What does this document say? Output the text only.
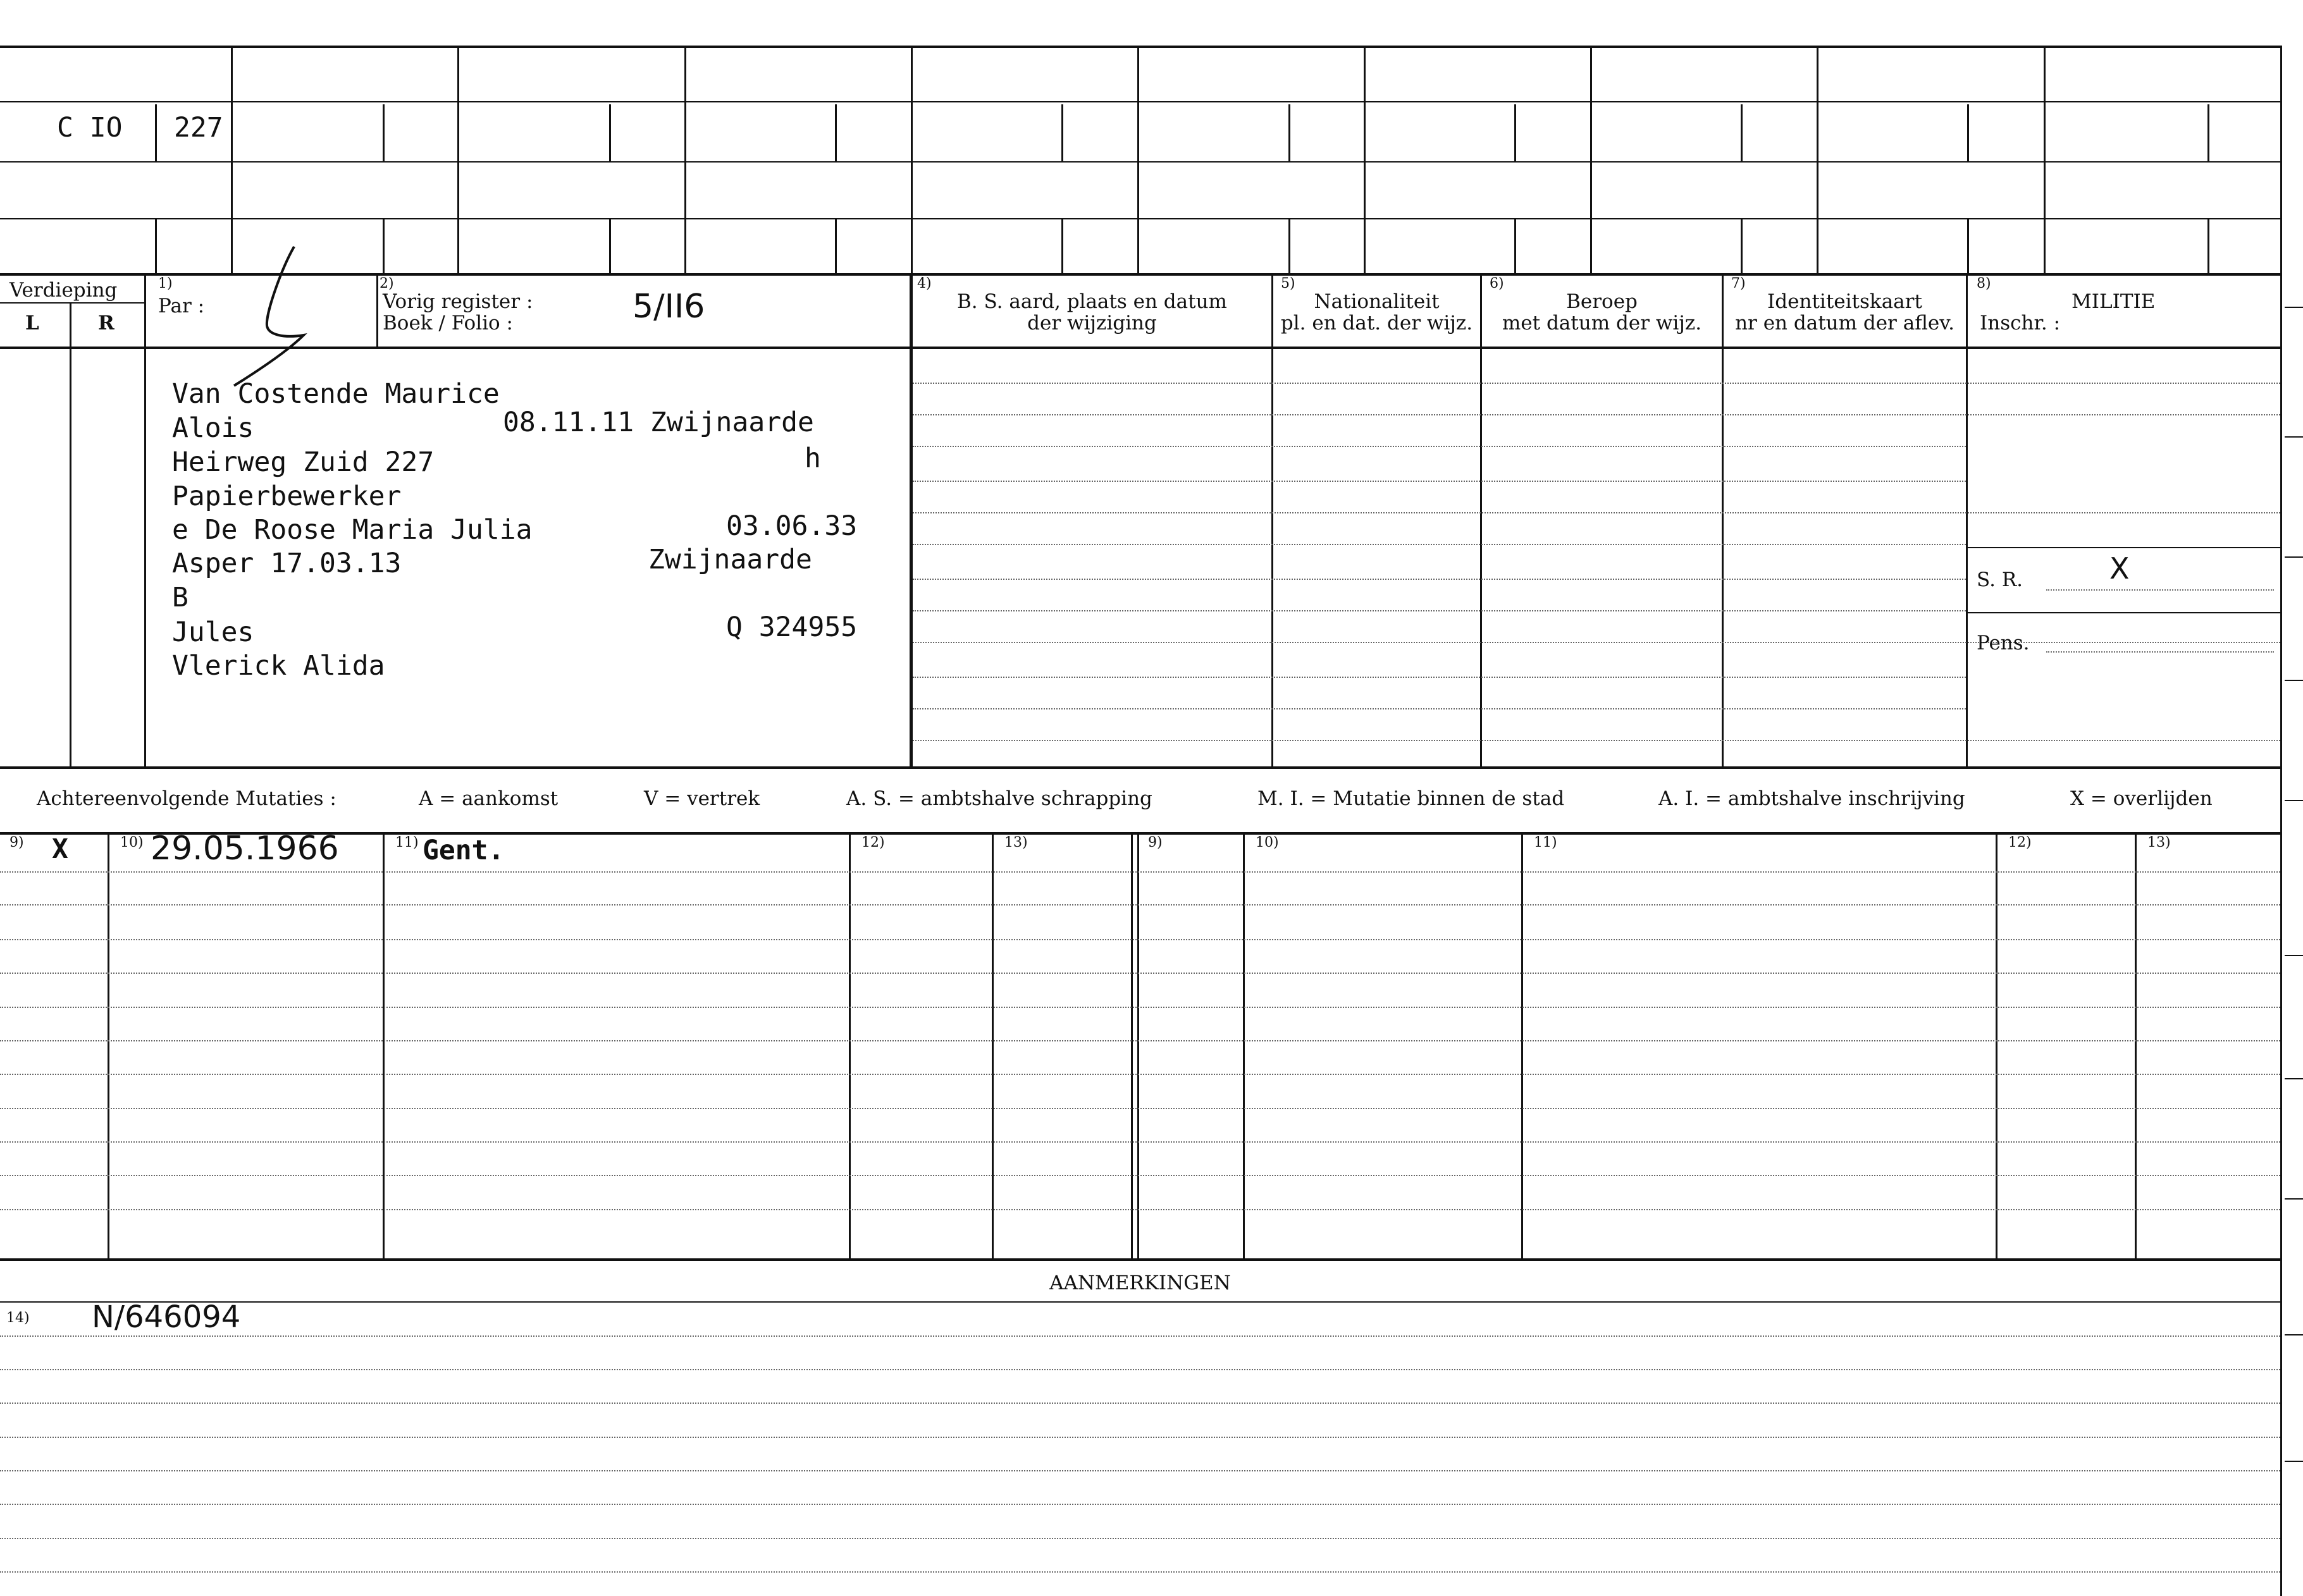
C IO 227
Verdieping
L	R
1)
Par :
2)
Vorig register :
Boek / Folio :	5/II6
4)
B. S. aard, plaats en datum
der wijziging
5)
Nationaliteit
pl. en dat. der wijz.
6)
Beroep
met datum der wijz.
7)
Identiteitskaart
nr en datum der aflev.
8)
MILITIE
Inschr. :
S. R.	X
Pens.
Van Costende Maurice
Alois	08.11.11 Zwijnaarde
Heirweg Zuid 227	h
Papierbewerker
e De Roose Maria Julia	03.06.33
Asper 17.03.13	Zwijnaarde
B
Jules	Q 324955
Vlerick Alida
Achtereenvolgende Mutaties :	A = aankomst	V = vertrek	A. S. = ambtshalve schrapping	M. I. = Mutatie binnen de stad	A. I. = ambtshalve inschrijving	X = overlijden
9)	10)	11)	12)	13)	9)	10)	11)	12)	13)
X	29.05.1966	Gent.
AANMERKINGEN
14) N/646094
